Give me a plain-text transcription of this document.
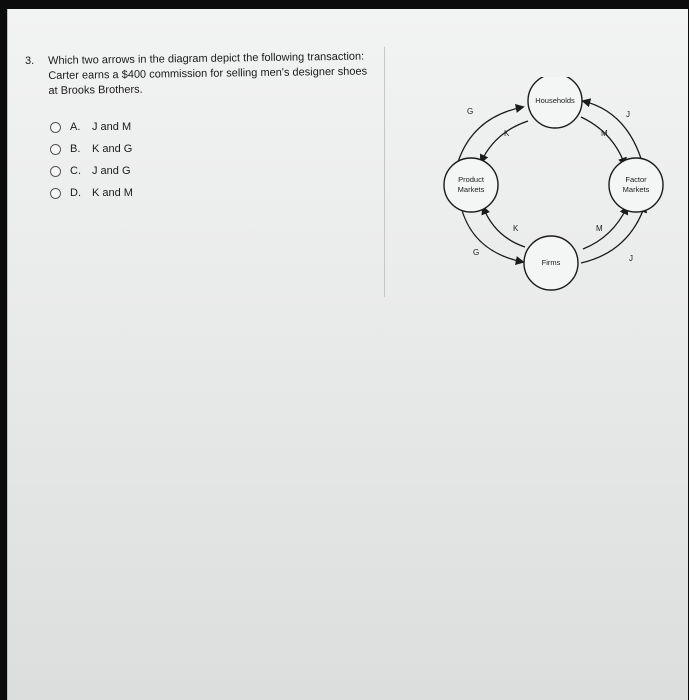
3. Which two arrows in the diagram depict the following transaction: Carter earns a $400 commission for selling men's designer shoes at Brooks Brothers.
A.	J and M
B.	K and G
C.	J and G
D.	K and M
Households
Product
Markets
Factor
Markets
Firms
G
K
J
M
K	M
G
J
